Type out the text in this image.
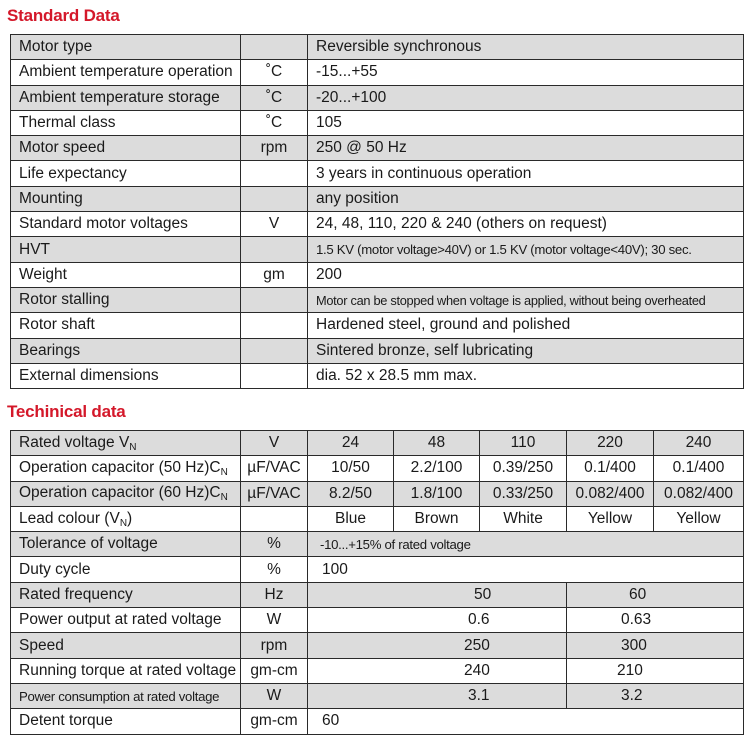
Standard Data
Motor type		Reversible synchronous
Ambient temperature operation	˚C	-15...+55
Ambient temperature storage	˚C	-20...+100
Thermal class	˚C	105
Motor speed	rpm	250 @ 50 Hz
Life expectancy		3 years in continuous operation
Mounting		any position
Standard motor voltages	V	24, 48, 110, 220 & 240 (others on request)
HVT		1.5 KV (motor voltage>40V) or 1.5 KV (motor voltage<40V); 30 sec.
Weight	gm	200
Rotor stalling		Motor can be stopped when voltage is applied, without being overheated
Rotor shaft		Hardened steel, ground and polished
Bearings		Sintered bronze, self lubricating
External dimensions		dia. 52 x 28.5 mm max.
Techinical data
Rated voltage $V_N$	V	24	48	110	220	240
Operation capacitor (50 $Hz)C_N$	µF/VAC	10/50	2.2/100	0.39/250	0.1/400	0.1/400
Operation capacitor (60 $Hz)C_N$	µF/VAC	8.2/50	1.8/100	0.33/250	0.082/400	0.082/400
Lead colour $(V_N)$		Blue	Brown	White	Yellow	Yellow
Tolerance of voltage	%	-10...+15% of rated voltage				
Duty cycle	%	100				
Rated frequency	Hz	50			60	
Power output at rated voltage	W	0.6			0.63	
Speed	rpm	250			300	
Running torque at rated voltage	gm-cm	240			210	
Power consumption at rated voltage	W	3.1			3.2	
Detent torque	gm-cm	60				
